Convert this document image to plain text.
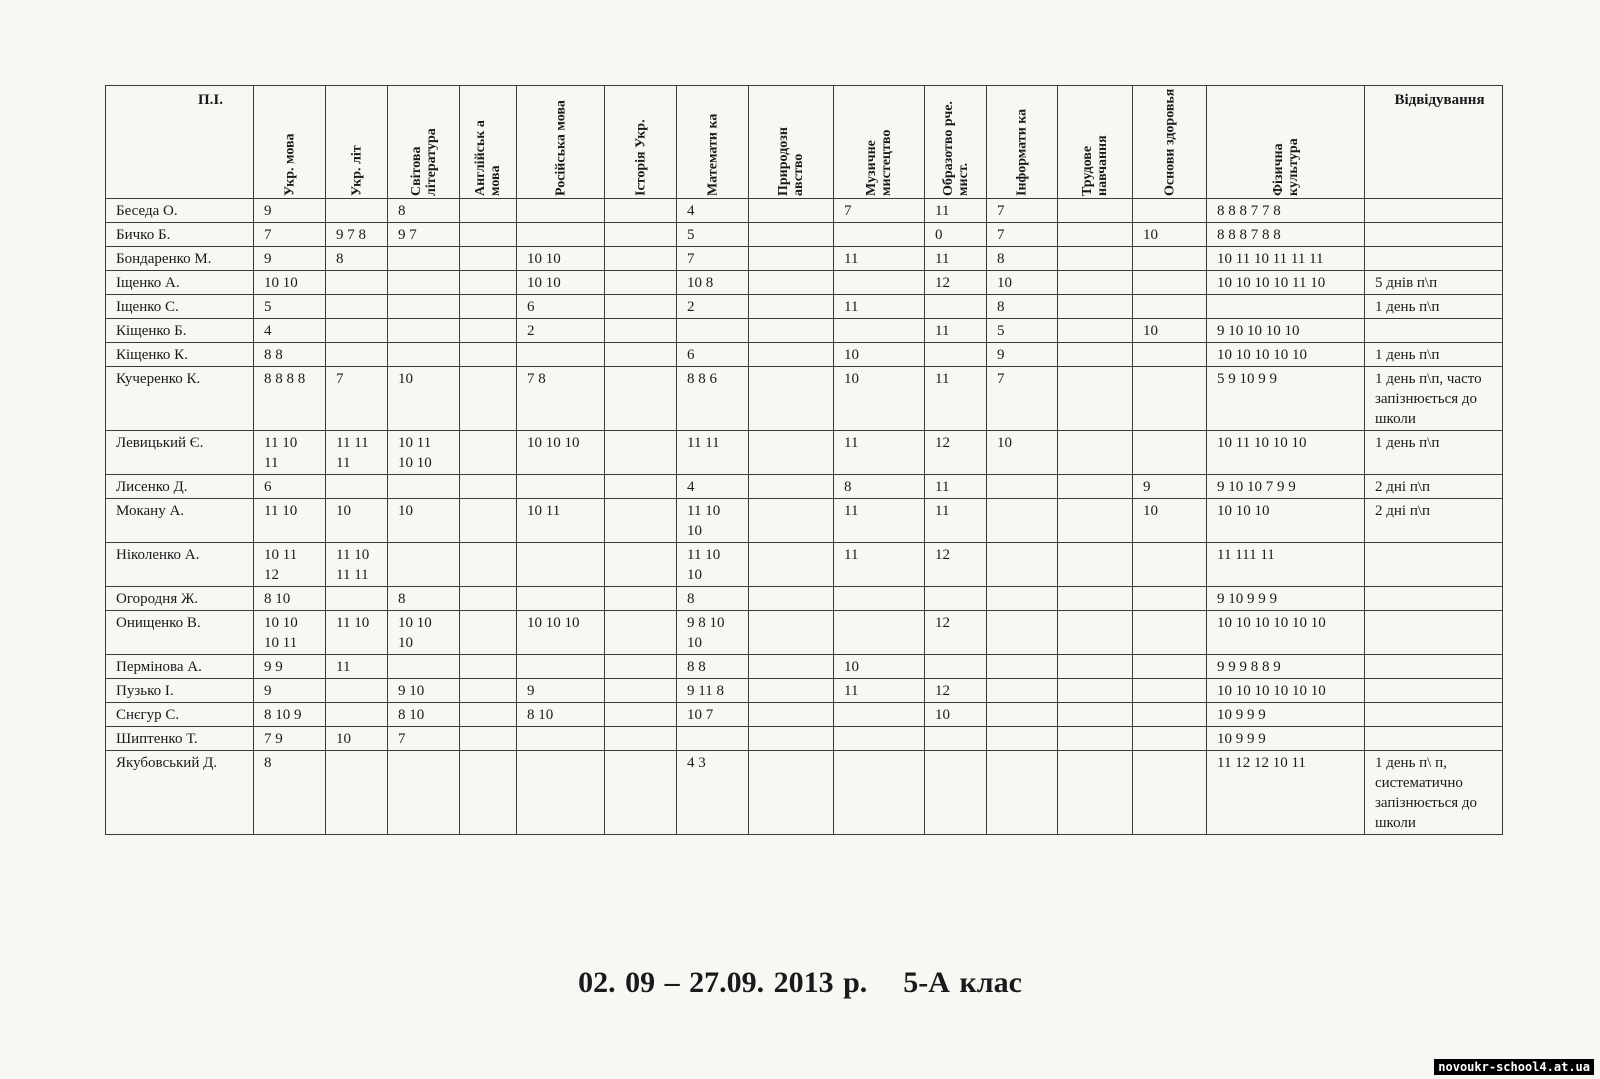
П.І.	Укр. мова	Укр. літ	Світова література	Англійськ а мова	Російська мова	Історія Укр.	Математи ка	Природозн авство	Музичне мистецтво	Образотво рче. мист.	Інформати ка	Трудове навчання	Основи здоровья	Фізична культура	Відвідування

Беседа О.	9		8				4		7	11	7			8 8 8 7 7 8	
Бичко Б.	7	9 7 8	9 7				5			0	7		10	8 8 8 7 8 8	
Бондаренко М.	9	8			10 10		7		11	11	8			10 11 10 11 11 11	
Іщенко А.	10 10				10 10		10 8			12	10			10 10 10 10 11 10	5 днів п\п
Іщенко С.	5				6		2		11		8				1 день п\п
Кіщенко Б.	4				2					11	5		10	9 10 10 10 10	
Кіщенко К.	8 8						6		10		9			10 10 10 10 10	1 день п\п
Кучеренко К.	8 8 8 8	7	10		7 8		8 8 6		10	11	7			5 9 10 9 9	1 день п\п, часто запізнюється до школи
Левицький Є.	11 10 11	11 11 11	10 11 10 10		10 10 10		11 11		11	12	10			10 11 10 10 10	1 день п\п
Лисенко Д.	6						4		8	11			9	9 10 10 7 9 9	2 дні п\п
Мокану А.	11 10	10	10		10 11		11 10 10		11	11			10	10 10 10	2 дні п\п
Ніколенко А.	10 11 12	11 10 11 11					11 10 10		11	12				11 111 11	
Огородня Ж.	8 10		8				8							9 10 9 9 9	
Онищенко В.	10 10 10 11	11 10	10 10 10		10 10 10		9 8 10 10			12				10 10 10 10 10 10	
Пермінова А.	9 9	11					8 8		10					9 9 9 8 8 9	
Пузько І.	9		9 10		9		9 11 8		11	12				10 10 10 10 10 10	
Снєгур С.	8 10 9		8 10		8 10		10 7			10				10 9 9 9	
Шиптенко Т.	7 9	10	7											10 9 9 9	
Якубовський Д.	8						4 3							11 12 12 10 11	1 день п\ п, систематично запізнюється до школи
02. 09 – 27.09. 2013 р. 5-А клас
novoukr-school4.at.ua
